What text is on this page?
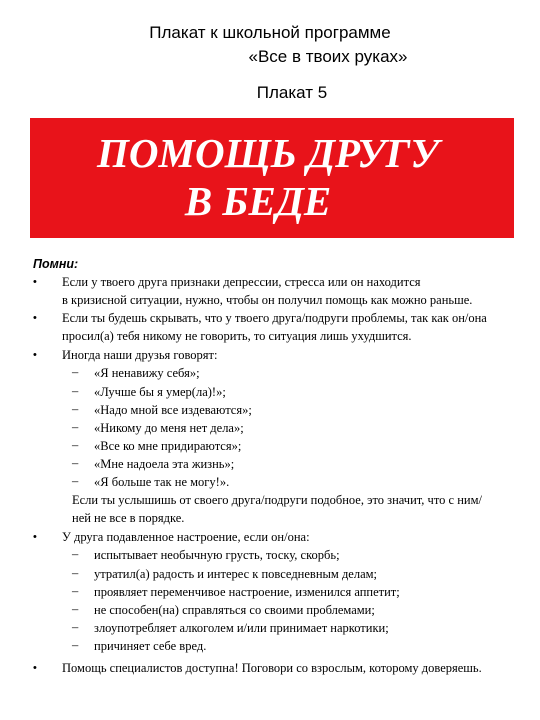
Плакат к школьной программе
«Все в твоих руках»
Плакат 5
ПОМОЩЬ ДРУГУ
В БЕДЕ
Помни:
• Если у твоего друга признаки депрессии, стресса или он находится
в кризисной ситуации, нужно, чтобы он получил помощь как можно раньше.
• Если ты будешь скрывать, что у твоего друга/подруги проблемы, так как он/она
просил(а) тебя никому не говорить, то ситуация лишь ухудшится.
• Иногда наши друзья говорят:
– «Я ненавижу себя»;
– «Лучше бы я умер(ла)!»;
– «Надо мной все издеваются»;
– «Никому до меня нет дела»;
– «Все ко мне придираются»;
– «Мне надоела эта жизнь»;
– «Я больше так не могу!».
Если ты услышишь от своего друга/подруги подобное, это значит, что с ним/
ней не все в порядке.
• У друга подавленное настроение, если он/она:
– испытывает необычную грусть, тоску, скорбь;
– утратил(а) радость и интерес к повседневным делам;
– проявляет переменчивое настроение, изменился аппетит;
– не способен(на) справляться со своими проблемами;
– злоупотребляет алкоголем и/или принимает наркотики;
– причиняет себе вред.
• Помощь специалистов доступна! Поговори со взрослым, которому доверяешь.
